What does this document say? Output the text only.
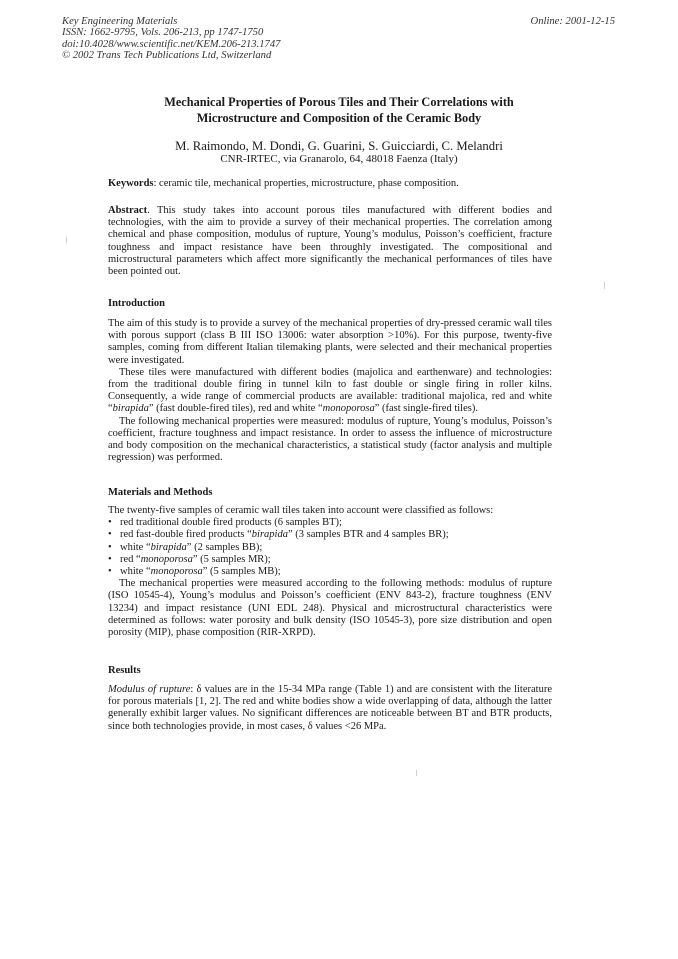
Key Engineering Materials
ISSN: 1662-9795, Vols. 206-213, pp 1747-1750
doi:10.4028/www.scientific.net/KEM.206-213.1747
© 2002 Trans Tech Publications Ltd, Switzerland
Online: 2001-12-15
Mechanical Properties of Porous Tiles and Their Correlations with
Microstructure and Composition of the Ceramic Body
M. Raimondo, M. Dondi, G. Guarini, S. Guicciardi, C. Melandri
CNR-IRTEC, via Granarolo, 64, 48018 Faenza (Italy)

Keywords: ceramic tile, mechanical properties, microstructure, phase composition.

Abstract. This study takes into account porous tiles manufactured with different bodies and technologies, with the aim to provide a survey of their mechanical properties. The correlation among chemical and phase composition, modulus of rupture, Young’s modulus, Poisson’s coefficient, fracture toughness and impact resistance have been throughly investigated. The compositional and microstructural parameters which affect more significantly the mechanical performances of tiles have been pointed out.

Introduction

The aim of this study is to provide a survey of the mechanical properties of dry-pressed ceramic wall tiles with porous support (class B III ISO 13006: water absorption >10%). For this purpose, twenty-five samples, coming from different Italian tilemaking plants, were selected and their mechanical properties were investigated.

These tiles were manufactured with different bodies (majolica and earthenware) and technologies: from the traditional double firing in tunnel kiln to fast double or single firing in roller kilns. Consequently, a wide range of commercial products are available: traditional majolica, red and white “birapida” (fast double-fired tiles), red and white “monoporosa” (fast single-fired tiles).

The following mechanical properties were measured: modulus of rupture, Young’s modulus, Poisson’s coefficient, fracture toughness and impact resistance. In order to assess the influence of microstructure and body composition on the mechanical characteristics, a statistical study (factor analysis and multiple regression) was performed.

Materials and Methods

The twenty-five samples of ceramic wall tiles taken into account were classified as follows:

• red traditional double fired products (6 samples BT);
• red fast-double fired products “birapida” (3 samples BTR and 4 samples BR);
• white “birapida” (2 samples BB);
• red “monoporosa” (5 samples MR);
• white “monoporosa” (5 samples MB);

The mechanical properties were measured according to the following methods: modulus of rupture (ISO 10545-4), Young’s modulus and Poisson’s coefficient (ENV 843-2), fracture toughness (ENV 13234) and impact resistance (UNI EDL 248). Physical and microstructural characteristics were determined as follows: water porosity and bulk density (ISO 10545-3), pore size distribution and open porosity (MIP), phase composition (RIR-XRPD).

Results

Modulus of rupture: δ values are in the 15-34 MPa range (Table 1) and are consistent with the literature for porous materials [1, 2]. The red and white bodies show a wide overlapping of data, although the latter generally exhibit larger values. No significant differences are noticeable between BT and BTR products, since both technologies provide, in most cases, δ values <26 MPa.
